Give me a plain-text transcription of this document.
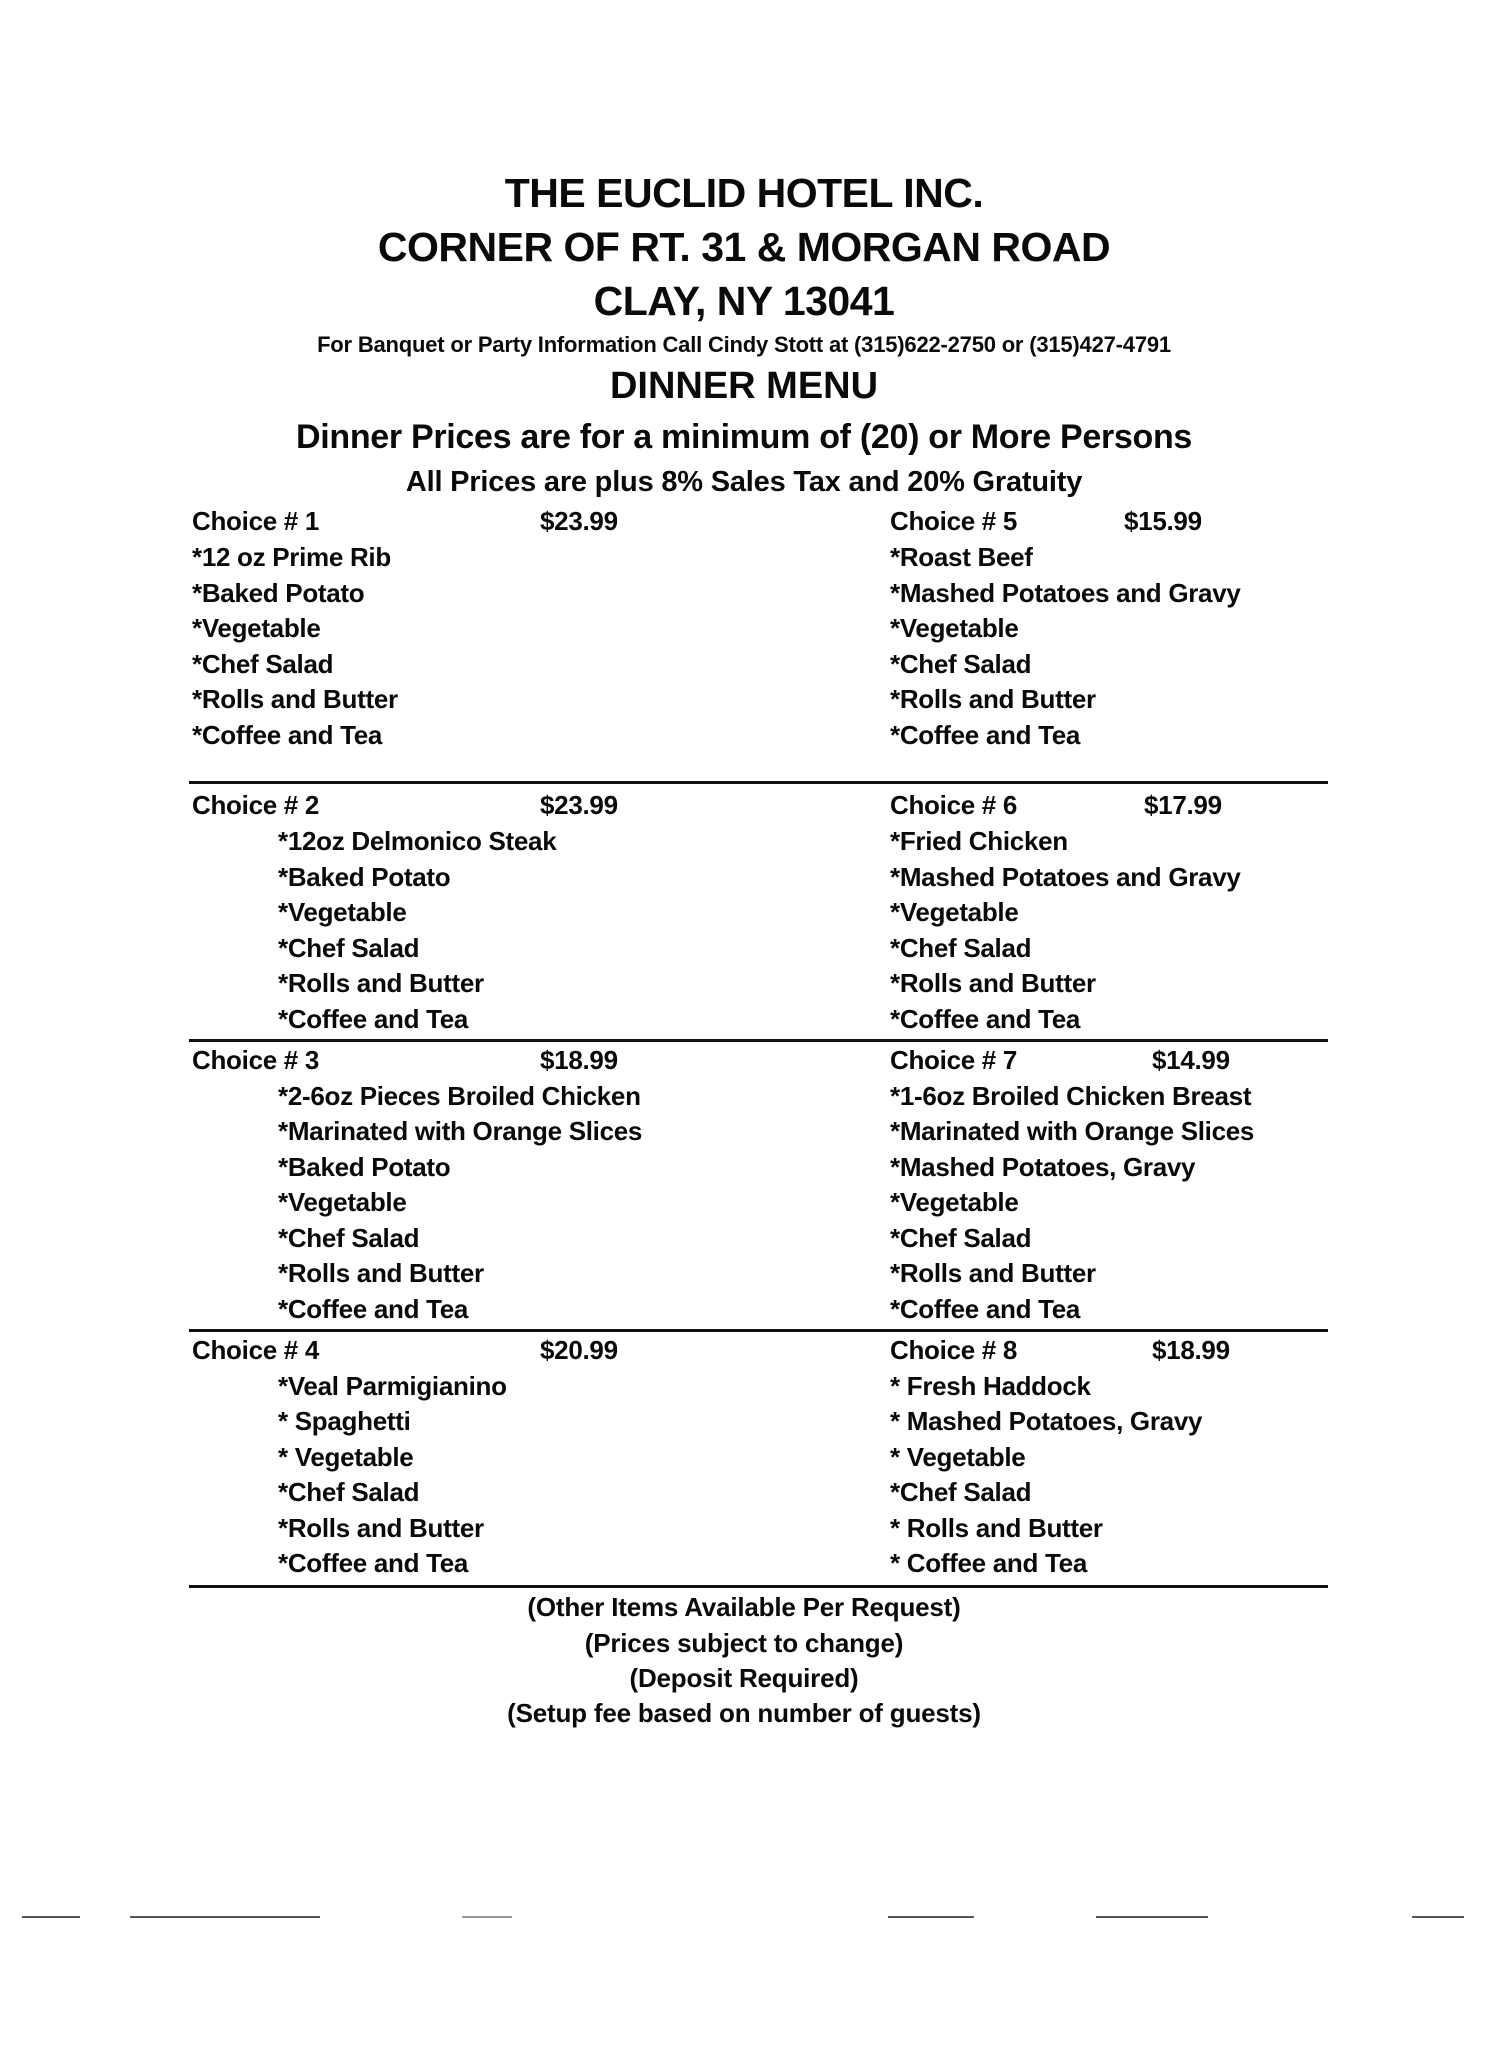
THE EUCLID HOTEL INC.
CORNER OF RT. 31 & MORGAN ROAD
CLAY, NY 13041
For Banquet or Party Information Call Cindy Stott at (315)622-2750 or (315)427-4791
DINNER MENU
Dinner Prices are for a minimum of (20) or More Persons
All Prices are plus 8% Sales Tax and 20% Gratuity
Choice # 1	$23.99
*12 oz Prime Rib
*Baked Potato
*Vegetable
*Chef Salad
*Rolls and Butter
*Coffee and Tea
Choice # 5	$15.99
*Roast Beef
*Mashed Potatoes and Gravy
*Vegetable
*Chef Salad
*Rolls and Butter
*Coffee and Tea
Choice # 2	$23.99
*12oz Delmonico Steak
*Baked Potato
*Vegetable
*Chef Salad
*Rolls and Butter
*Coffee and Tea
Choice # 6	$17.99
*Fried Chicken
*Mashed Potatoes and Gravy
*Vegetable
*Chef Salad
*Rolls and Butter
*Coffee and Tea
Choice # 3	$18.99
*2-6oz Pieces Broiled Chicken
*Marinated with Orange Slices
*Baked Potato
*Vegetable
*Chef Salad
*Rolls and Butter
*Coffee and Tea
Choice # 7	$14.99
*1-6oz Broiled Chicken Breast
*Marinated with Orange Slices
*Mashed Potatoes, Gravy
*Vegetable
*Chef Salad
*Rolls and Butter
*Coffee and Tea
Choice # 4	$20.99
*Veal Parmigianino
* Spaghetti
* Vegetable
*Chef Salad
*Rolls and Butter
*Coffee and Tea
Choice # 8	$18.99
* Fresh Haddock
* Mashed Potatoes, Gravy
* Vegetable
*Chef Salad
* Rolls and Butter
* Coffee and Tea
(Other Items Available Per Request)
(Prices subject to change)
(Deposit Required)
(Setup fee based on number of guests)
